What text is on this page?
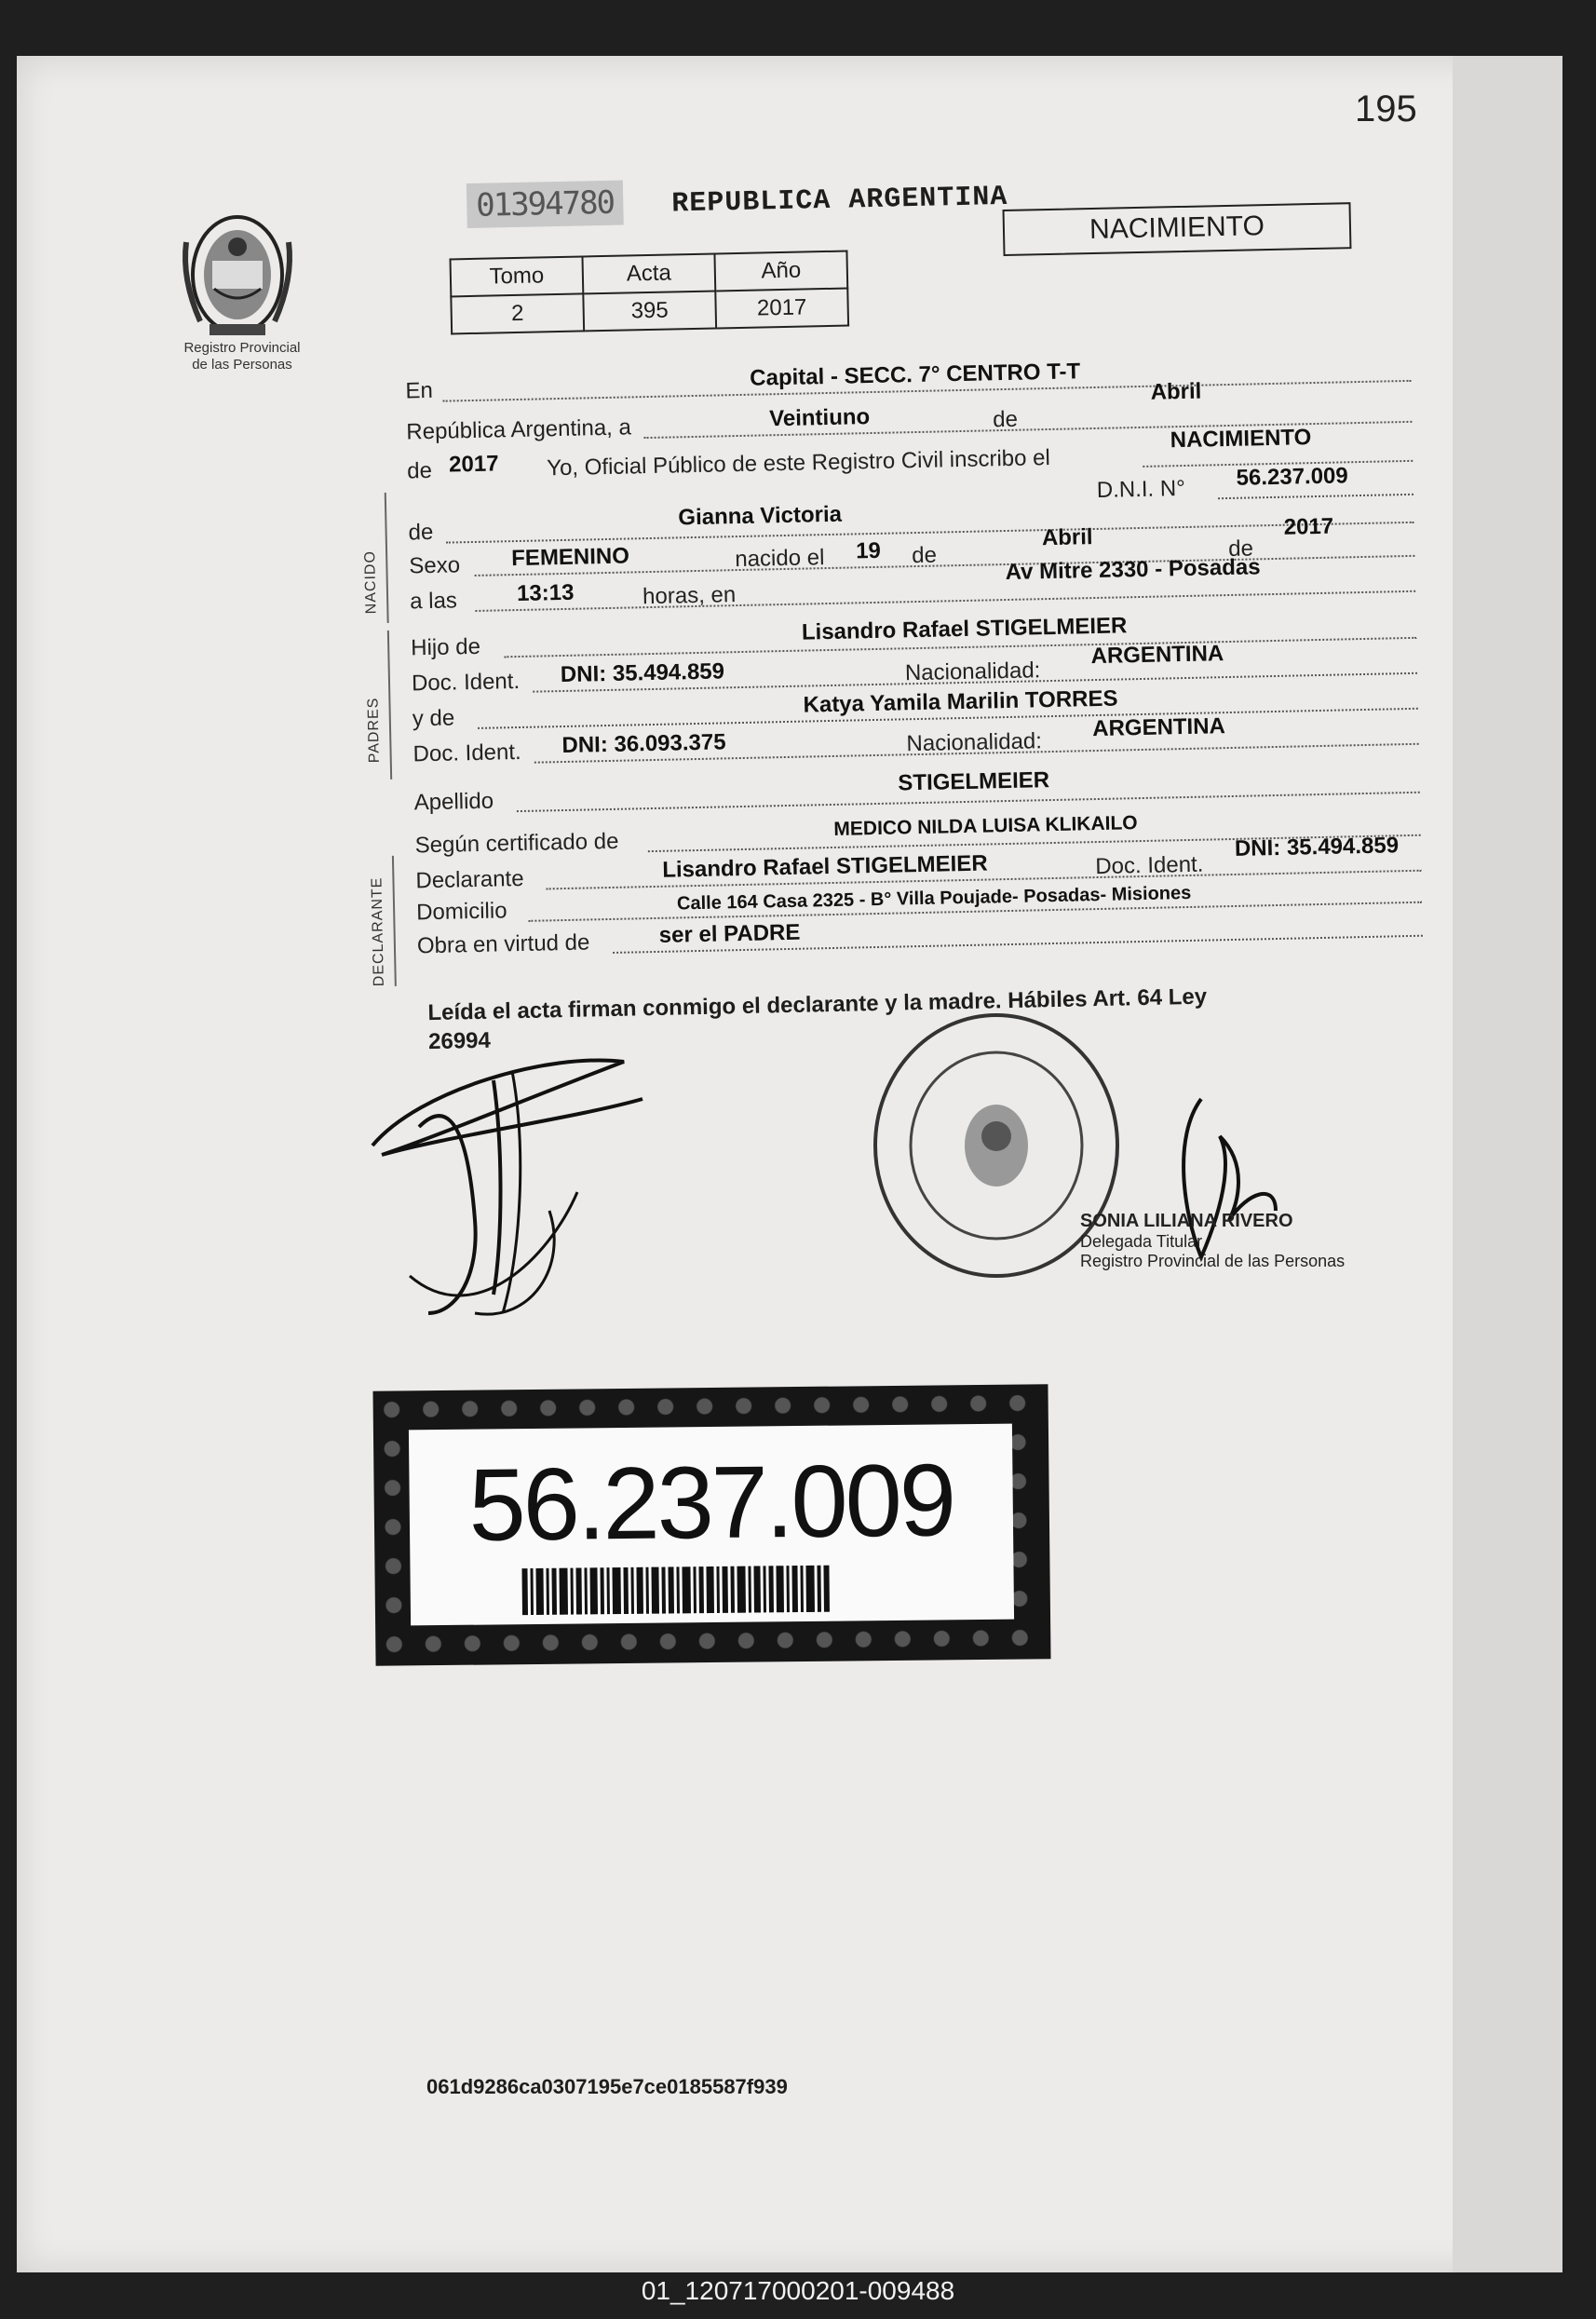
195
Registro Provincial
de las Personas
01394780	REPUBLICA ARGENTINA
NACIMIENTO
Tomo	Acta	Año
2	395	2017
En	Capital - SECC. 7° CENTRO T-T
República Argentina, a	Veintiuno	de
Abril
de 2017 Yo, Oficial Público de este Registro Civil inscribo el
NACIMIENTO
D.N.I. N° 56.237.009
de
Gianna Victoria
Sexo FEMENINO	nacido el 19 de
Abril	de
2017
a las	13:13	horas, en
Av Mitre 2330 - Posadas
Hijo de
Lisandro Rafael STIGELMEIER
Doc. Ident. DNI: 35.494.859	Nacionalidad:
ARGENTINA
y de
Katya Yamila Marilin TORRES
Doc. Ident. DNI: 36.093.375	Nacionalidad:
ARGENTINA
Apellido
STIGELMEIER
Según certificado de
MEDICO NILDA LUISA KLIKAILO
Declarante	Lisandro Rafael STIGELMEIER	Doc. Ident.
DNI: 35.494.859
Domicilio	Calle 164 Casa 2325 - B° Villa Poujade- Posadas- Misiones
Obra en virtud de	ser el PADRE
NACIDO
PADRES
DECLARANTE
Leída el acta firman conmigo el declarante y la madre. Hábiles Art. 64 Ley
26994
SONIA LILIANA RIVERO
Delegada Titular
Registro Provincial de las Personas
56.237.009
061d9286ca0307195e7ce0185587f939
01_120717000201-009488
